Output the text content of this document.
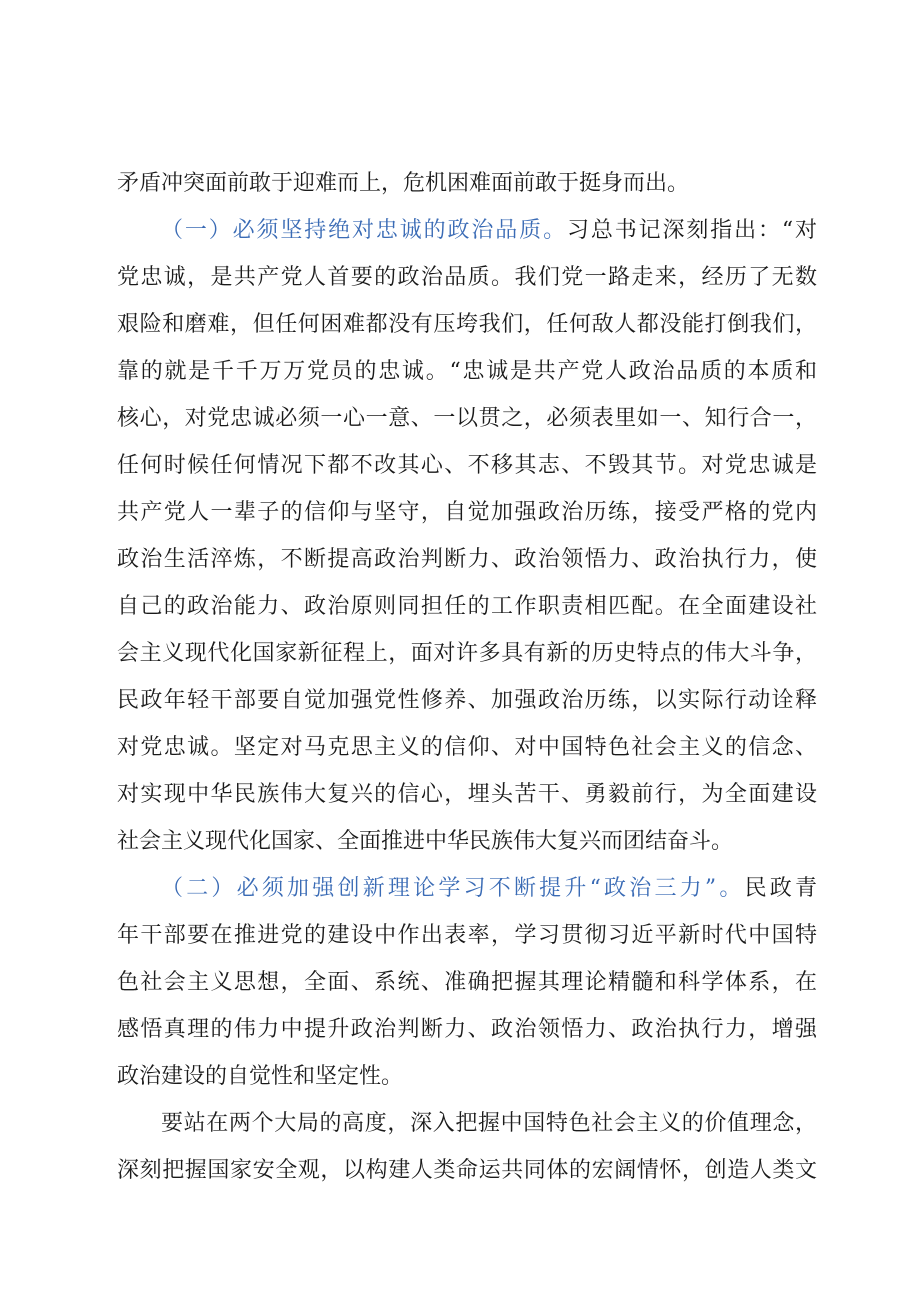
矛盾冲突面前敢于迎难而上，危机困难面前敢于挺身而出。
（一）必须坚持绝对忠诚的政治品质。习总书记深刻指出：“对
党忠诚，是共产党人首要的政治品质。我们党一路走来，经历了无数
艰险和磨难，但任何困难都没有压垮我们，任何敌人都没能打倒我们，
靠的就是千千万万党员的忠诚。“忠诚是共产党人政治品质的本质和
核心，对党忠诚必须一心一意、一以贯之，必须表里如一、知行合一，
任何时候任何情况下都不改其心、不移其志、不毁其节。对党忠诚是
共产党人一辈子的信仰与坚守，自觉加强政治历练，接受严格的党内
政治生活淬炼，不断提高政治判断力、政治领悟力、政治执行力，使
自己的政治能力、政治原则同担任的工作职责相匹配。在全面建设社
会主义现代化国家新征程上，面对许多具有新的历史特点的伟大斗争，
民政年轻干部要自觉加强党性修养、加强政治历练，以实际行动诠释
对党忠诚。坚定对马克思主义的信仰、对中国特色社会主义的信念、
对实现中华民族伟大复兴的信心，埋头苦干、勇毅前行，为全面建设
社会主义现代化国家、全面推进中华民族伟大复兴而团结奋斗。
（二）必须加强创新理论学习不断提升“政治三力”。民政青
年干部要在推进党的建设中作出表率，学习贯彻习近平新时代中国特
色社会主义思想，全面、系统、准确把握其理论精髓和科学体系，在
感悟真理的伟力中提升政治判断力、政治领悟力、政治执行力，增强
政治建设的自觉性和坚定性。
要站在两个大局的高度，深入把握中国特色社会主义的价值理念，
深刻把握国家安全观，以构建人类命运共同体的宏阔情怀，创造人类文
